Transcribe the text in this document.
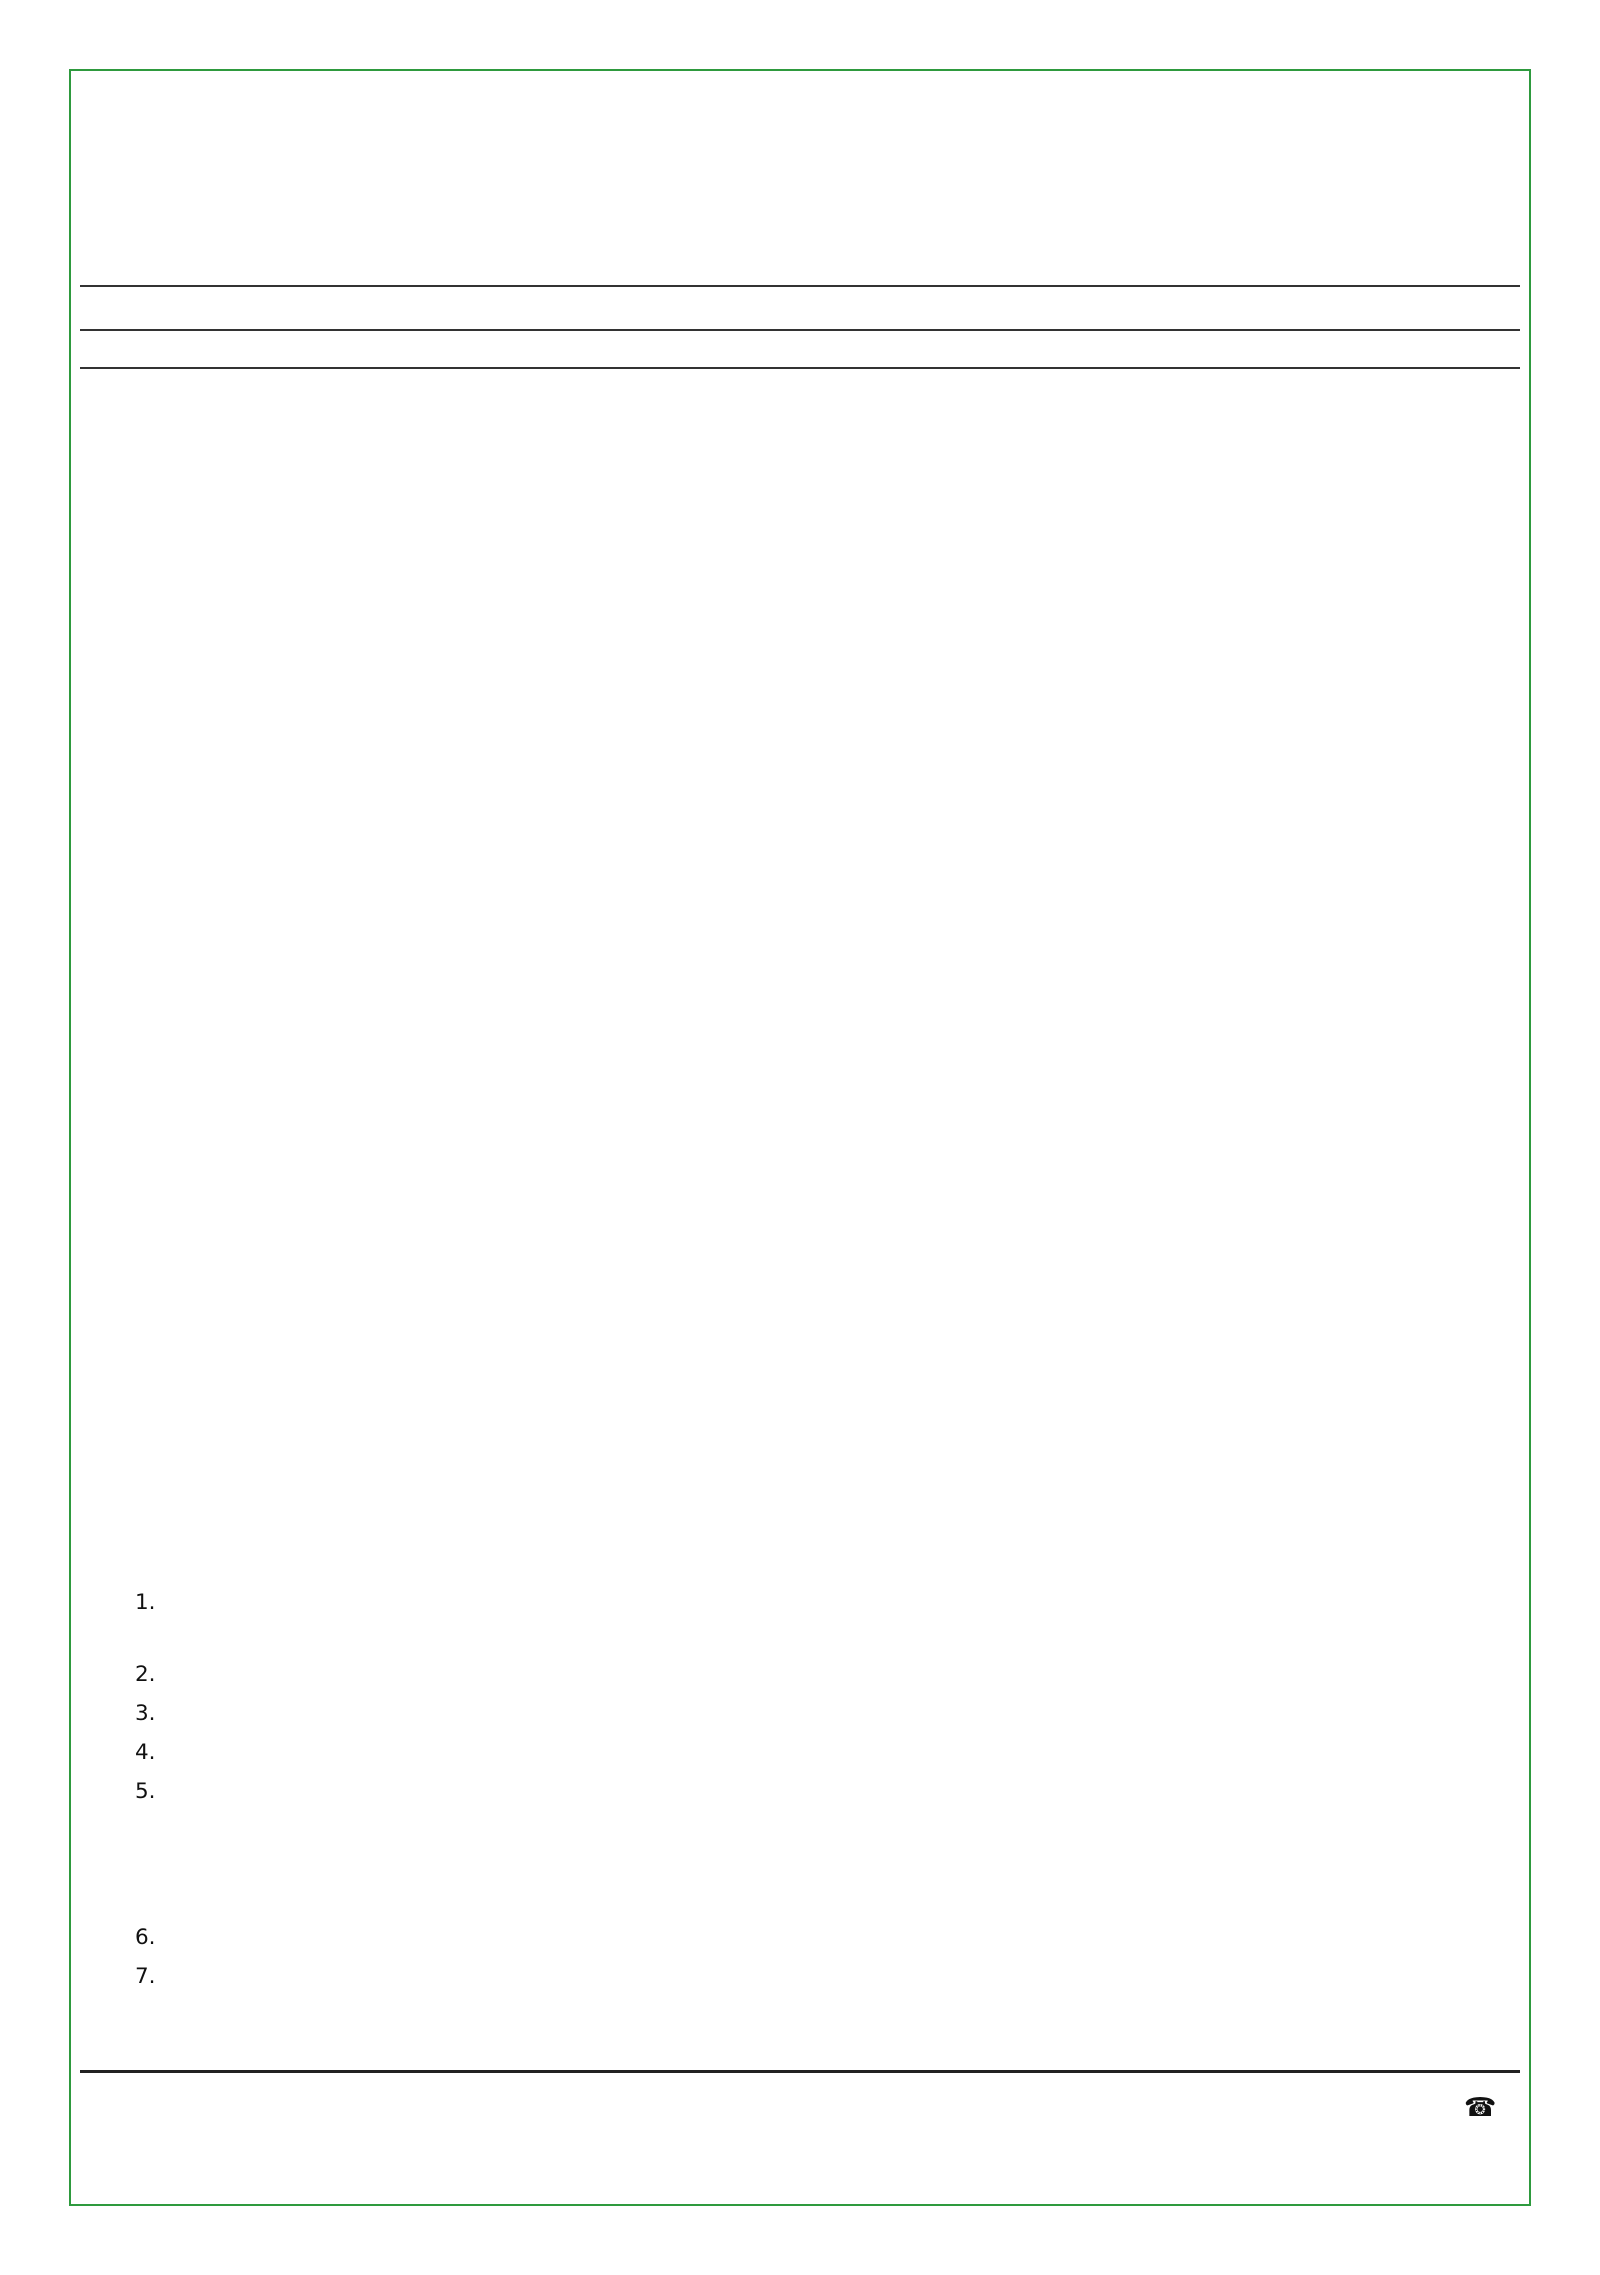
1.
2.
3.
4.
5.
6.
7.
☎
